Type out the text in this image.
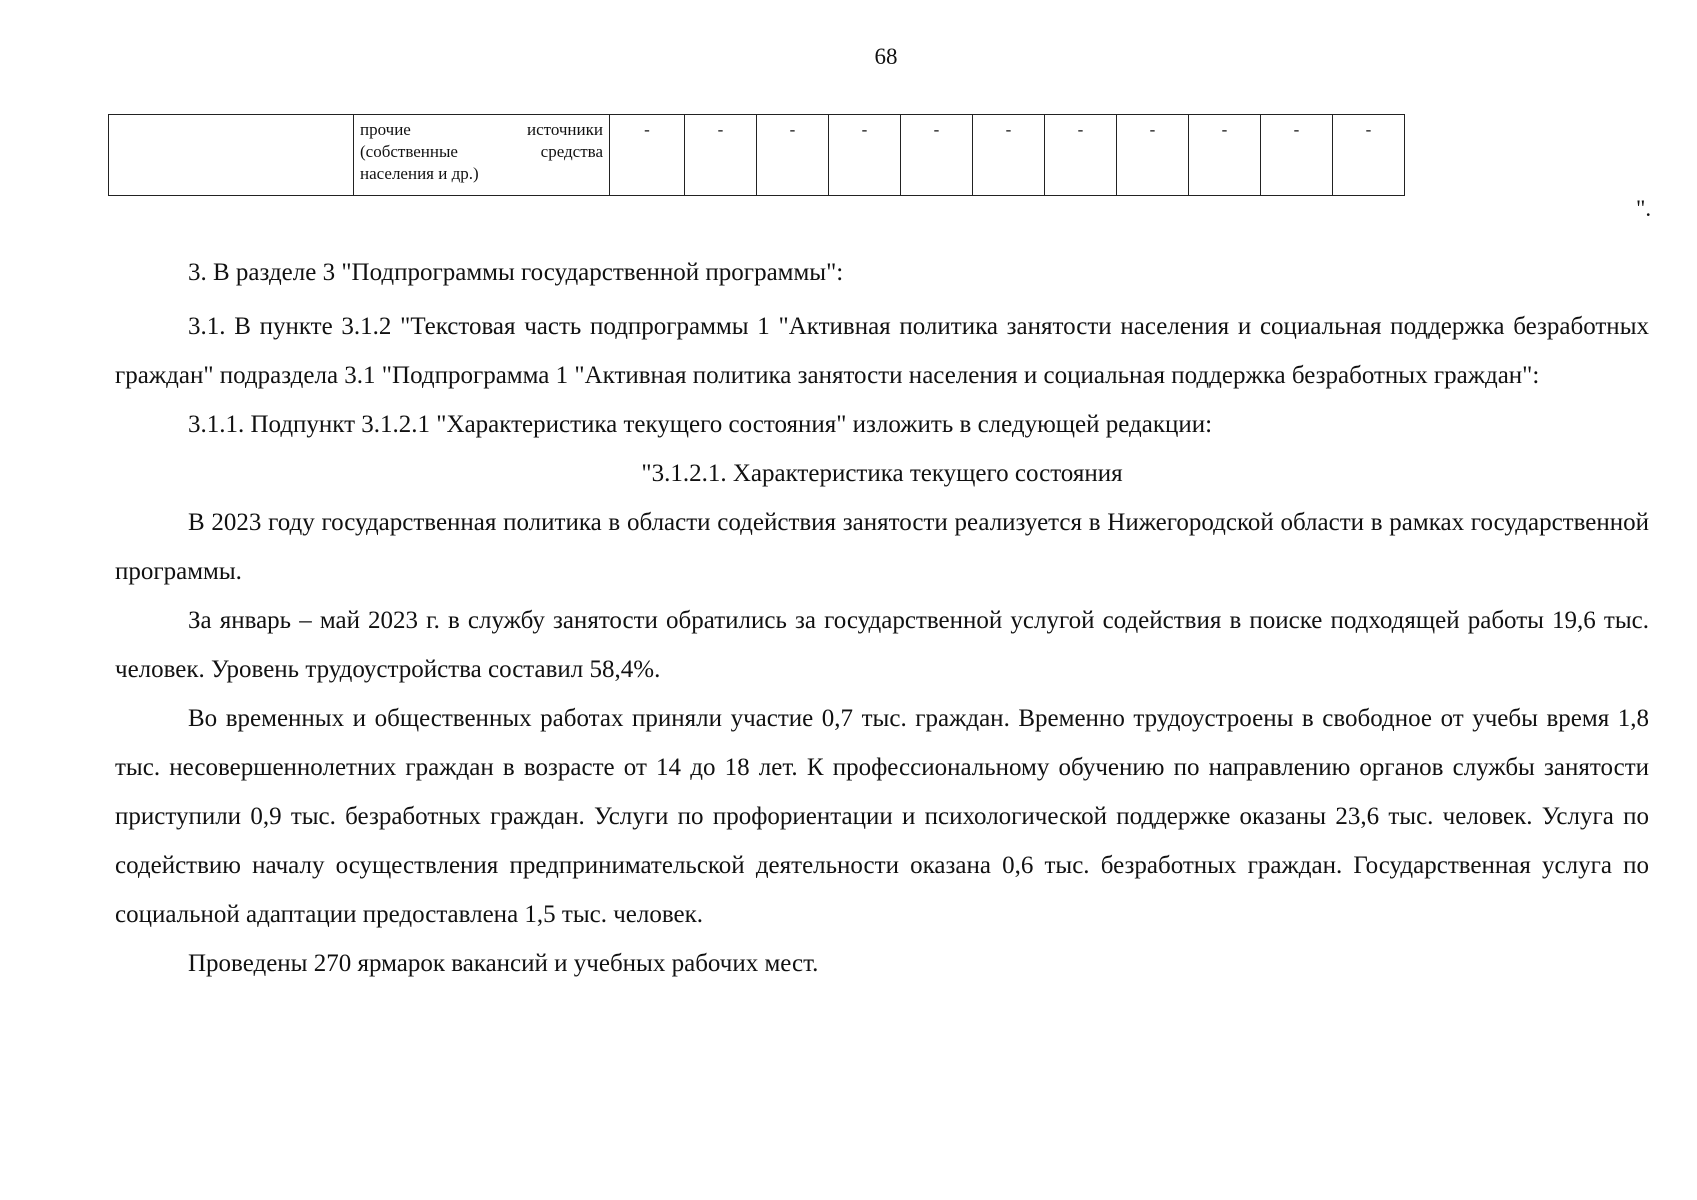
68

прочие источники
(собственные средства
населения и др.)
	-	-	-	-	-	-	-	-	-	-	-
".

3. В разделе 3 "Подпрограммы государственной программы":

3.1. В пункте 3.1.2 "Текстовая часть подпрограммы 1 "Активная политика занятости населения и социальная поддержка безработных граждан" подраздела 3.1 "Подпрограмма 1 "Активная политика занятости населения и социальная поддержка безработных граждан":

3.1.1. Подпункт 3.1.2.1 "Характеристика текущего состояния" изложить в следующей редакции:

"3.1.2.1. Характеристика текущего состояния

В 2023 году государственная политика в области содействия занятости реализуется в Нижегородской области в рамках государственной программы.

За январь – май 2023 г. в службу занятости обратились за государственной услугой содействия в поиске подходящей работы 19,6 тыс. человек. Уровень трудоустройства составил 58,4%.

Во временных и общественных работах приняли участие 0,7 тыс. граждан. Временно трудоустроены в свободное от учебы время 1,8 тыс. несовершеннолетних граждан в возрасте от 14 до 18 лет. К профессиональному обучению по направлению органов службы занятости приступили 0,9 тыс. безработных граждан. Услуги по профориентации и психологической поддержке оказаны 23,6 тыс. человек. Услуга по содействию началу осуществления предпринимательской деятельности оказана 0,6 тыс. безработных граждан. Государственная услуга по социальной адаптации предоставлена 1,5 тыс. человек.

Проведены 270 ярмарок вакансий и учебных рабочих мест.
